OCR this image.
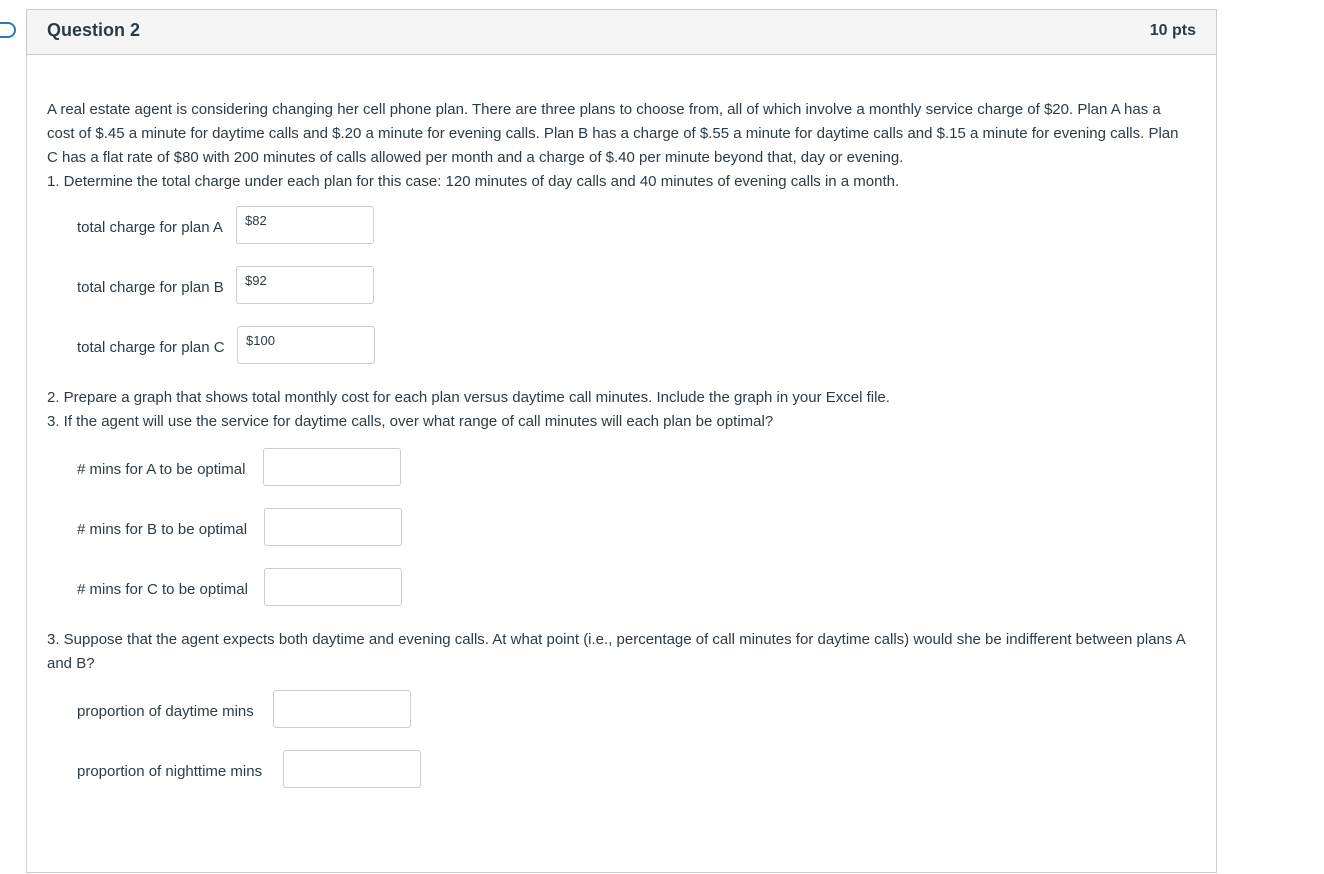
Question 2	10 pts

A real estate agent is considering changing her cell phone plan. There are three plans to choose from, all of which involve a monthly service charge of $20. Plan A has a cost of $.45 a minute for daytime calls and $.20 a minute for evening calls. Plan B has a charge of $.55 a minute for daytime calls and $.15 a minute for evening calls. Plan C has a flat rate of $80 with 200 minutes of calls allowed per month and a charge of $.40 per minute beyond that, day or evening.

1. Determine the total charge under each plan for this case: 120 minutes of day calls and 40 minutes of evening calls in a month.

total charge for plan A
$82
total charge for plan B
$92
total charge for plan C
$100

2. Prepare a graph that shows total monthly cost for each plan versus daytime call minutes. Include the graph in your Excel file.

3. If the agent will use the service for daytime calls, over what range of call minutes will each plan be optimal?

# mins for A to be optimal
# mins for B to be optimal
# mins for C to be optimal

3. Suppose that the agent expects both daytime and evening calls. At what point (i.e., percentage of call minutes for daytime calls) would she be indifferent between plans A and B?

proportion of daytime mins
proportion of nighttime mins
